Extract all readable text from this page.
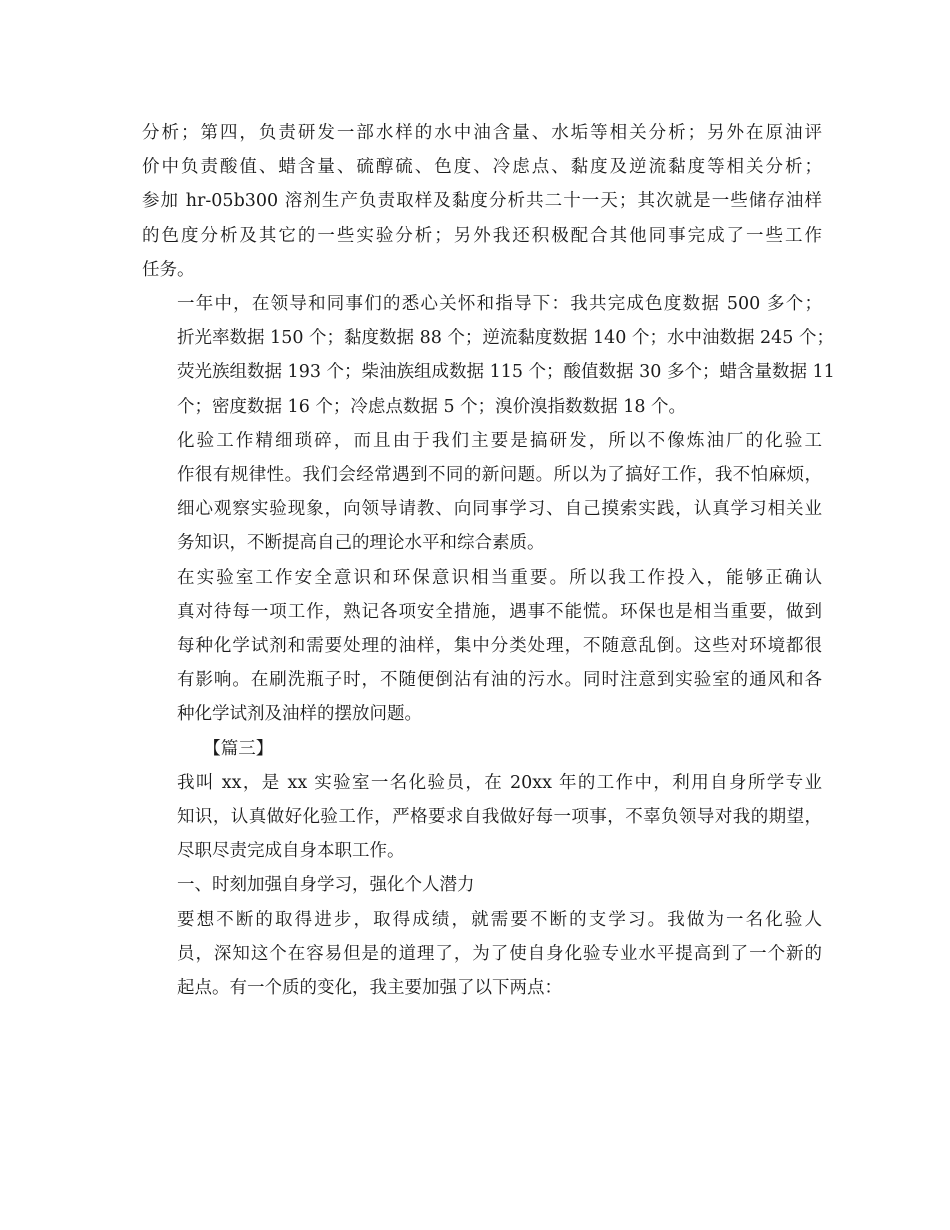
分析；第四，负责研发一部水样的水中油含量、水垢等相关分析；另外在原油评
价中负责酸值、蜡含量、硫醇硫、色度、冷虑点、黏度及逆流黏度等相关分析；
参加 hr-05b300 溶剂生产负责取样及黏度分析共二十一天；其次就是一些储存油样
的色度分析及其它的一些实验分析；另外我还积极配合其他同事完成了一些工作
任务。

一年中，在领导和同事们的悉心关怀和指导下：我共完成色度数据 500 多个；
折光率数据 150 个；黏度数据 88 个；逆流黏度数据 140 个；水中油数据 245 个；
荧光族组数据 193 个；柴油族组成数据 115 个；酸值数据 30 多个；蜡含量数据 11
个；密度数据 16 个；冷虑点数据 5 个；溴价溴指数数据 18 个。

化验工作精细琐碎，而且由于我们主要是搞研发，所以不像炼油厂的化验工
作很有规律性。我们会经常遇到不同的新问题。所以为了搞好工作，我不怕麻烦，
细心观察实验现象，向领导请教、向同事学习、自己摸索实践，认真学习相关业
务知识，不断提高自己的理论水平和综合素质。

在实验室工作安全意识和环保意识相当重要。所以我工作投入，能够正确认
真对待每一项工作，熟记各项安全措施，遇事不能慌。环保也是相当重要，做到
每种化学试剂和需要处理的油样，集中分类处理，不随意乱倒。这些对环境都很
有影响。在刷洗瓶子时，不随便倒沾有油的污水。同时注意到实验室的通风和各
种化学试剂及油样的摆放问题。

【篇三】

我叫 xx，是 xx 实验室一名化验员，在 20xx 年的工作中，利用自身所学专业
知识，认真做好化验工作，严格要求自我做好每一项事，不辜负领导对我的期望，
尽职尽责完成自身本职工作。

一、时刻加强自身学习，强化个人潜力

要想不断的取得进步，取得成绩，就需要不断的支学习。我做为一名化验人
员，深知这个在容易但是的道理了，为了使自身化验专业水平提高到了一个新的
起点。有一个质的变化，我主要加强了以下两点：
